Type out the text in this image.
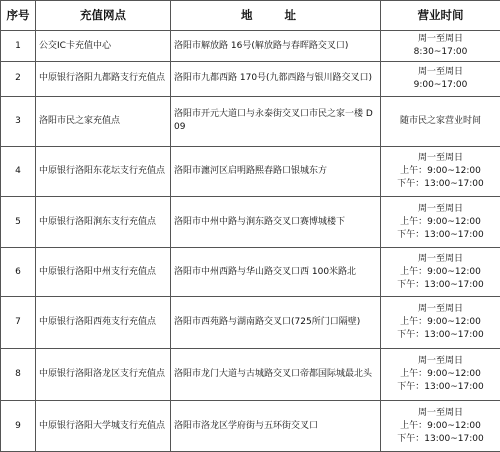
序号	充值网点	地 址	营业时间
1	公交IC卡充值中心	洛阳市解放路 16号(解放路与春晖路交叉口)	周一至周日
8:30~17:00

2	中原银行洛阳九都路支行充值点	洛阳市九都西路 170号(九都西路与银川路交叉口)	周一至周日
9:00~17:00

3	洛阳市民之家充值点	洛阳市开元大道口与永泰街交叉口市民之家一楼 D09	随市民之家营业时间

4	中原银行洛阳东花坛支行充值点	洛阳市瀍河区启明路熙春路口银城东方	周一至周日
上午：9:00~12:00
下午：13:00~17:00

5	中原银行洛阳涧东支行充值点	洛阳市中州中路与涧东路交叉口赛博城楼下	周一至周日
上午：9:00~12:00
下午：13:00~17:00

6	中原银行洛阳中州支行充值点	洛阳市中州西路与华山路交叉口西 100米路北	周一至周日
上午：9:00~12:00
下午：13:00~17:00

7	中原银行洛阳西苑支行充值点	洛阳市西苑路与湖南路交叉口(725所门口隔壁)	周一至周日
上午：9:00~12:00
下午：13:00~17:00

8	中原银行洛阳洛龙区支行充值点	洛阳市龙门大道与古城路交叉口帝都国际城最北头	周一至周日
上午：9:00~12:00
下午：13:00~17:00

9	中原银行洛阳大学城支行充值点	洛阳市洛龙区学府街与五环街交叉口	周一至周日
上午：9:00~12:00
下午：13:00~17:00
